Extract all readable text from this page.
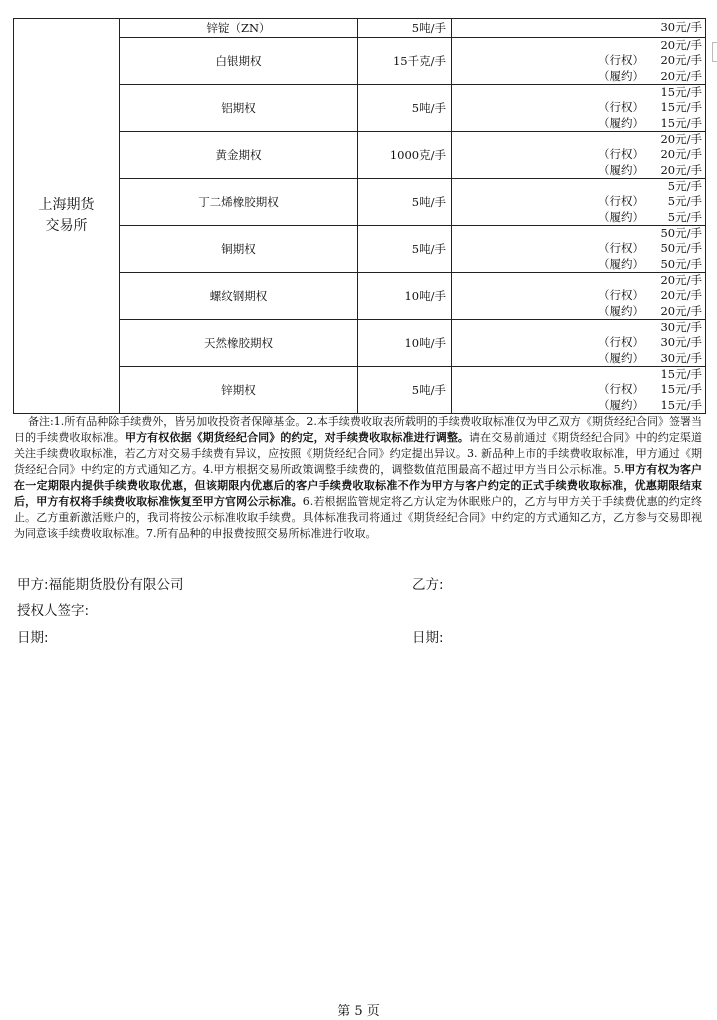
上海期货
交易所	锌锭（ZN）	5吨/手	30元/手

	白银期权	15千克/手	20元/手
（行权） 20元/手
（履约） 20元/手

	铝期权	5吨/手	15元/手
（行权） 15元/手
（履约） 15元/手

	黄金期权	1000克/手	20元/手
（行权） 20元/手
（履约） 20元/手

	丁二烯橡胶期权	5吨/手	5元/手
（行权） 5元/手
（履约） 5元/手

	铜期权	5吨/手	50元/手
（行权） 50元/手
（履约） 50元/手

	螺纹钢期权	10吨/手	20元/手
（行权） 20元/手
（履约） 20元/手

	天然橡胶期权	10吨/手	30元/手
（行权） 30元/手
（履约） 30元/手

	锌期权	5吨/手	15元/手
（行权） 15元/手
（履约） 15元/手
备注:1.所有品种除手续费外，皆另加收投资者保障基金。2.本手续费收取表所载明的手续费收取标准仅为甲乙双方《期货经纪合同》签署当日的手续费收取标准。甲方有权依据《期货经纪合同》的约定，对手续费收取标准进行调整。请在交易前通过《期货经纪合同》中的约定渠道关注手续费收取标准，若乙方对交易手续费有异议，应按照《期货经纪合同》约定提出异议。3. 新品种上市的手续费收取标准，甲方通过《期货经纪合同》中约定的方式通知乙方。4.甲方根据交易所政策调整手续费的，调整数值范围最高不超过甲方当日公示标准。5.甲方有权为客户在一定期限内提供手续费收取优惠，但该期限内优惠后的客户手续费收取标准不作为甲方与客户约定的正式手续费收取标准，优惠期限结束后，甲方有权将手续费收取标准恢复至甲方官网公示标准。6.若根据监管规定将乙方认定为休眠账户的，乙方与甲方关于手续费优惠的约定终止。乙方重新激活账户的，我司将按公示标准收取手续费。具体标准我司将通过《期货经纪合同》中约定的方式通知乙方，乙方参与交易即视为同意该手续费收取标准。7.所有品种的申报费按照交易所标准进行收取。
甲方:福能期货股份有限公司	乙方:
授权人签字:
日期:	日期:
第 5 页
